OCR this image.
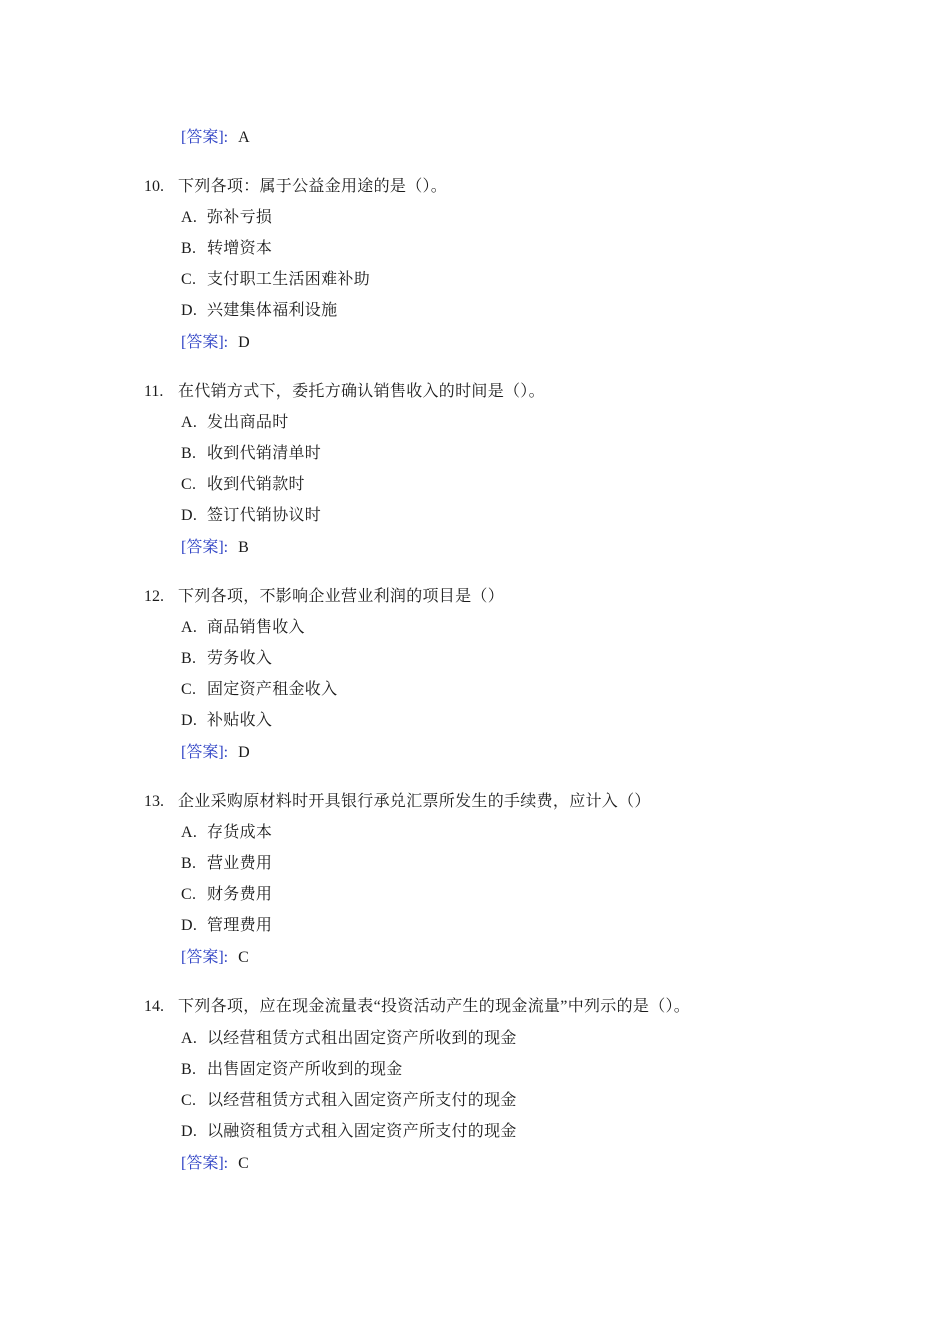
[答案]: A
10. 下列各项：属于公益金用途的是（）。
A. 弥补亏损
B. 转增资本
C. 支付职工生活困难补助
D. 兴建集体福利设施
[答案]: D
11. 在代销方式下，委托方确认销售收入的时间是（）。
A. 发出商品时
B. 收到代销清单时
C. 收到代销款时
D. 签订代销协议时
[答案]: B
12. 下列各项，不影响企业营业利润的项目是（）
A. 商品销售收入
B. 劳务收入
C. 固定资产租金收入
D. 补贴收入
[答案]: D
13. 企业采购原材料时开具银行承兑汇票所发生的手续费，应计入（）
A. 存货成本
B. 营业费用
C. 财务费用
D. 管理费用
[答案]: C
14. 下列各项，应在现金流量表“投资活动产生的现金流量”中列示的是（）。
A. 以经营租赁方式租出固定资产所收到的现金
B. 出售固定资产所收到的现金
C. 以经营租赁方式租入固定资产所支付的现金
D. 以融资租赁方式租入固定资产所支付的现金
[答案]: C
